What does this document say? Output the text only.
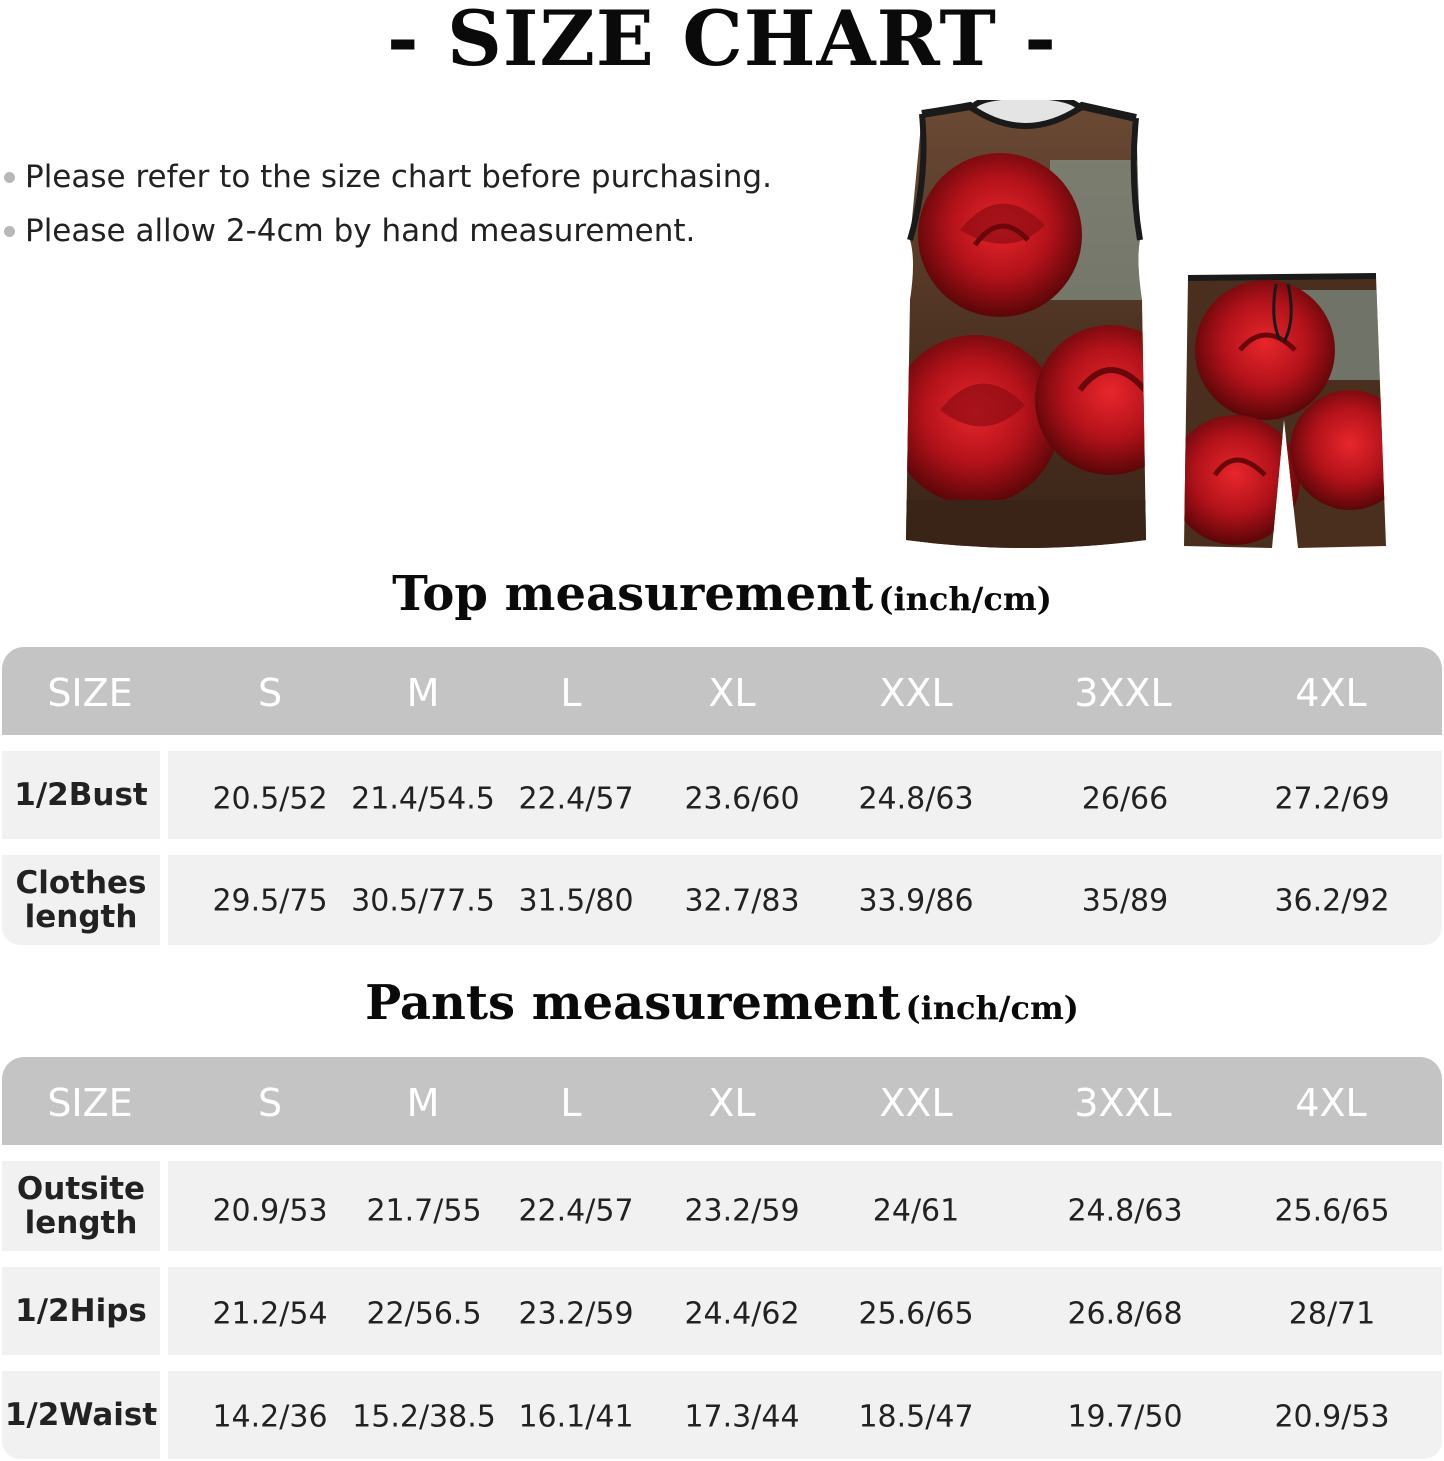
- SIZE CHART -
Please refer to the size chart before purchasing.
Please allow 2-4cm by hand measurement.
Top measurement (inch/cm)
SIZE	S	M	L	XL	XXL	3XXL	4XL
1/2Bust	20.5/52 21.4/54.5 22.4/57 23.6/60 24.8/63	26/66	27.2/69
Clothes length	29.5/75 30.5/77.5 31.5/80 32.7/83 33.9/86	35/89	36.2/92
Pants measurement (inch/cm)
SIZE	S	M	L	XL	XXL	3XXL	4XL
Outsite length	20.9/53 21.7/55 22.4/57 23.2/59 24/61	24.8/63	25.6/65
1/2Hips	21.2/54 22/56.5 23.2/59 24.4/62 25.6/65	26.8/68	28/71
1/2Waist 14.2/36 15.2/38.5 16.1/41 17.3/44 18.5/47	19.7/50	20.9/53
